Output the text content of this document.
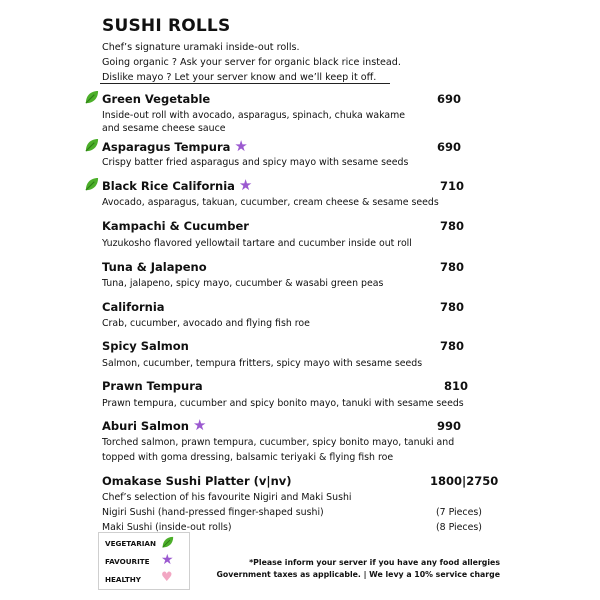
SUSHI ROLLS
Chef’s signature uramaki inside-out rolls.
Going organic ? Ask your server for organic black rice instead.
Dislike mayo ? Let your server know and we’ll keep it off.
Green Vegetable	690
Inside-out roll with avocado, asparagus, spinach, chuka wakame
and sesame cheese sauce
Asparagus Tempura ★	690
Crispy batter fried asparagus and spicy mayo with sesame seeds
Black Rice California ★	710
Avocado, asparagus, takuan, cucumber, cream cheese & sesame seeds
Kampachi & Cucumber	780
Yuzukosho flavored yellowtail tartare and cucumber inside out roll
Tuna & Jalapeno	780
Tuna, jalapeno, spicy mayo, cucumber & wasabi green peas
California	780
Crab, cucumber, avocado and flying fish roe
Spicy Salmon	780
Salmon, cucumber, tempura fritters, spicy mayo with sesame seeds
Prawn Tempura	810
Prawn tempura, cucumber and spicy bonito mayo, tanuki with sesame seeds
Aburi Salmon ★	990
Torched salmon, prawn tempura, cucumber, spicy bonito mayo, tanuki and
topped with goma dressing, balsamic teriyaki & flying fish roe
Omakase Sushi Platter (v|nv)	1800|2750
Chef’s selection of his favourite Nigiri and Maki Sushi
Nigiri Sushi (hand-pressed finger-shaped sushi)	(7 Pieces)
Maki Sushi (inside-out rolls)	(8 Pieces)
VEGETARIAN
FAVOURITE ★
HEALTHY ♥
*Please inform your server if you have any food allergies
Government taxes as applicable. | We levy a 10% service charge
